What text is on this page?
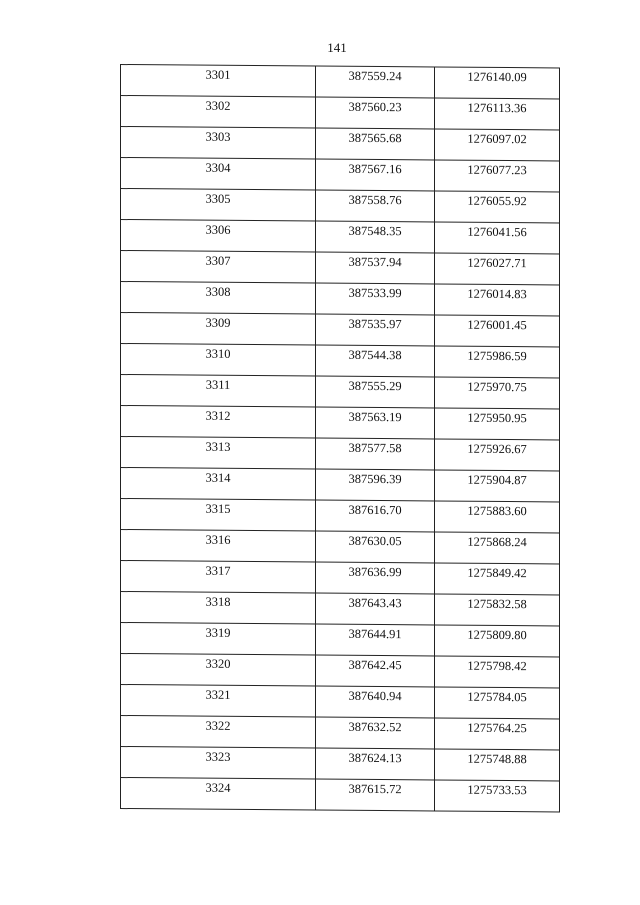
141
3301	387559.24	1276140.09

3302	387560.23	1276113.36

3303	387565.68	1276097.02

3304	387567.16	1276077.23

3305	387558.76	1276055.92

3306	387548.35	1276041.56

3307	387537.94	1276027.71

3308	387533.99	1276014.83

3309	387535.97	1276001.45

3310	387544.38	1275986.59

3311	387555.29	1275970.75

3312	387563.19	1275950.95

3313	387577.58	1275926.67

3314	387596.39	1275904.87

3315	387616.70	1275883.60

3316	387630.05	1275868.24

3317	387636.99	1275849.42

3318	387643.43	1275832.58

3319	387644.91	1275809.80

3320	387642.45	1275798.42

3321	387640.94	1275784.05

3322	387632.52	1275764.25

3323	387624.13	1275748.88

3324	387615.72	1275733.53
